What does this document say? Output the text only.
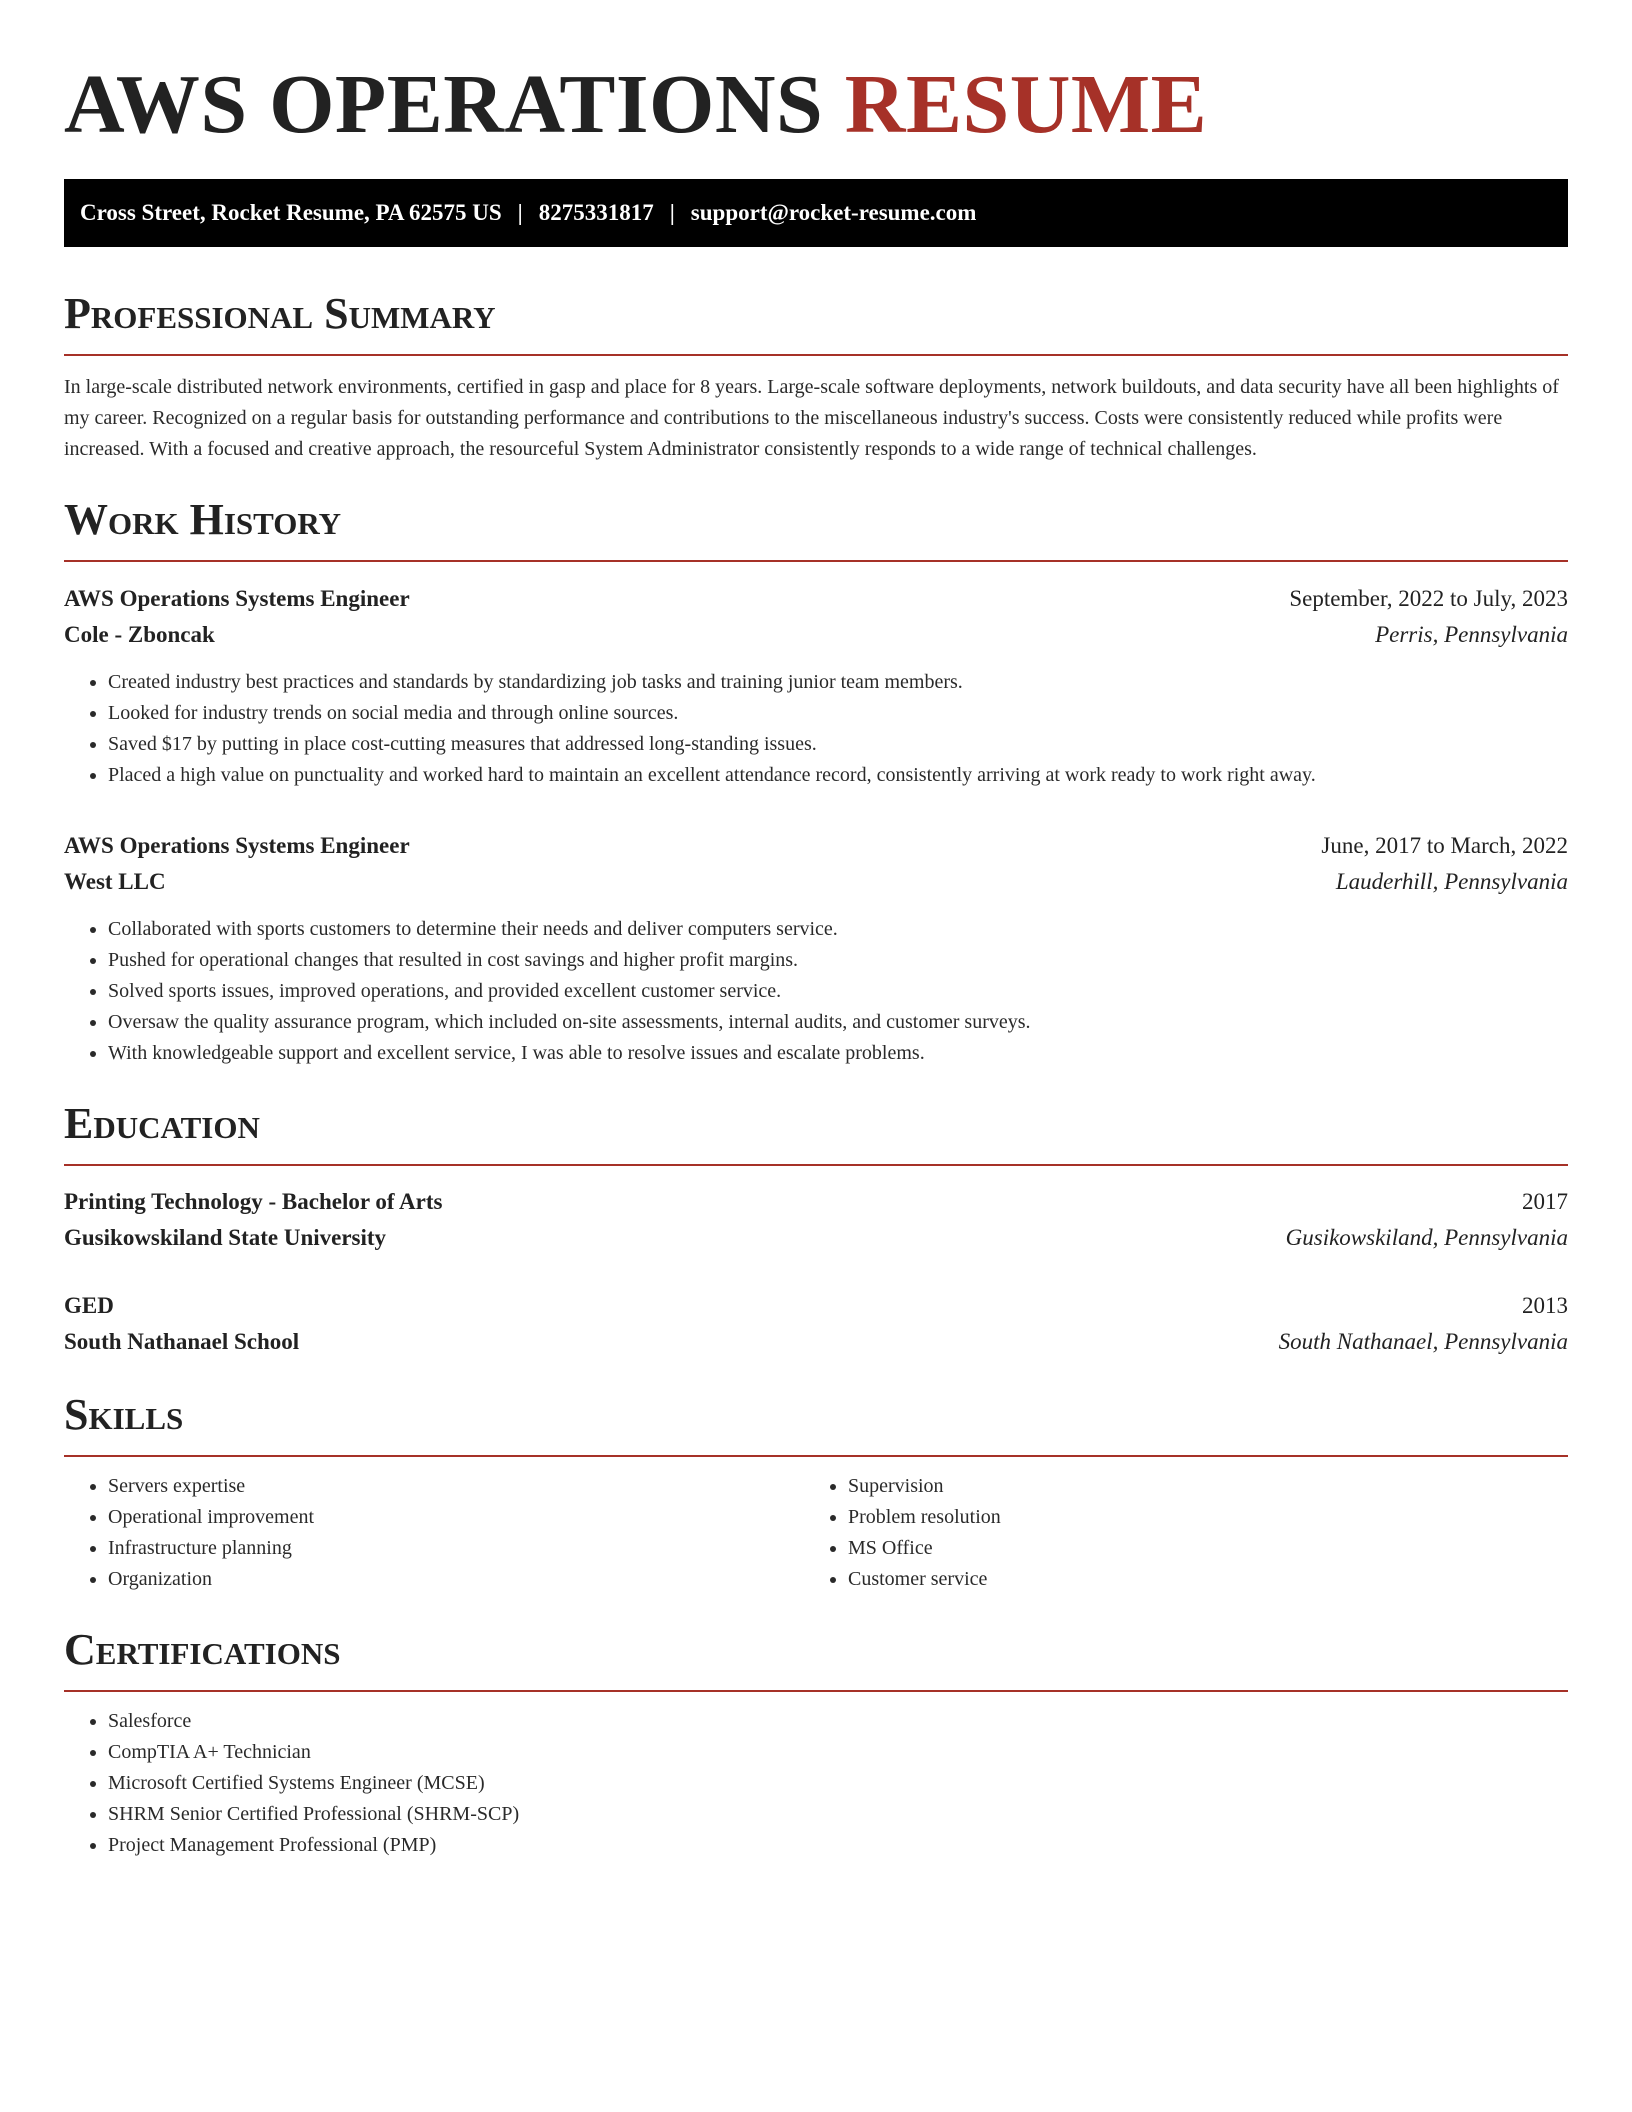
AWS OPERATIONS RESUME
Cross Street, Rocket Resume, PA 62575 US | 8275331817 | support@rocket-resume.com
Professional Summary

In large-scale distributed network environments, certified in gasp and place for 8 years. Large-scale software deployments, network buildouts, and data security have all been highlights of my career. Recognized on a regular basis for outstanding performance and contributions to the miscellaneous industry's success. Costs were consistently reduced while profits were increased. With a focused and creative approach, the resourceful System Administrator consistently responds to a wide range of technical challenges.

Work History
AWS Operations Systems Engineer	September, 2022 to July, 2023
Cole - Zboncak	Perris, Pennsylvania
• Created industry best practices and standards by standardizing job tasks and training junior team members.
• Looked for industry trends on social media and through online sources.
• Saved $17 by putting in place cost-cutting measures that addressed long-standing issues.
• Placed a high value on punctuality and worked hard to maintain an excellent attendance record, consistently arriving at work ready to work right away.
AWS Operations Systems Engineer	June, 2017 to March, 2022
West LLC	Lauderhill, Pennsylvania
• Collaborated with sports customers to determine their needs and deliver computers service.
• Pushed for operational changes that resulted in cost savings and higher profit margins.
• Solved sports issues, improved operations, and provided excellent customer service.
• Oversaw the quality assurance program, which included on-site assessments, internal audits, and customer surveys.
• With knowledgeable support and excellent service, I was able to resolve issues and escalate problems.
Education
Printing Technology - Bachelor of Arts	2017
Gusikowskiland State University	Gusikowskiland, Pennsylvania
GED	2013
South Nathanael School	South Nathanael, Pennsylvania
Skills
• Servers expertise
• Operational improvement
• Infrastructure planning
• Organization
• Supervision
• Problem resolution
• MS Office
• Customer service
Certifications
• Salesforce
• CompTIA A+ Technician
• Microsoft Certified Systems Engineer (MCSE)
• SHRM Senior Certified Professional (SHRM-SCP)
• Project Management Professional (PMP)
